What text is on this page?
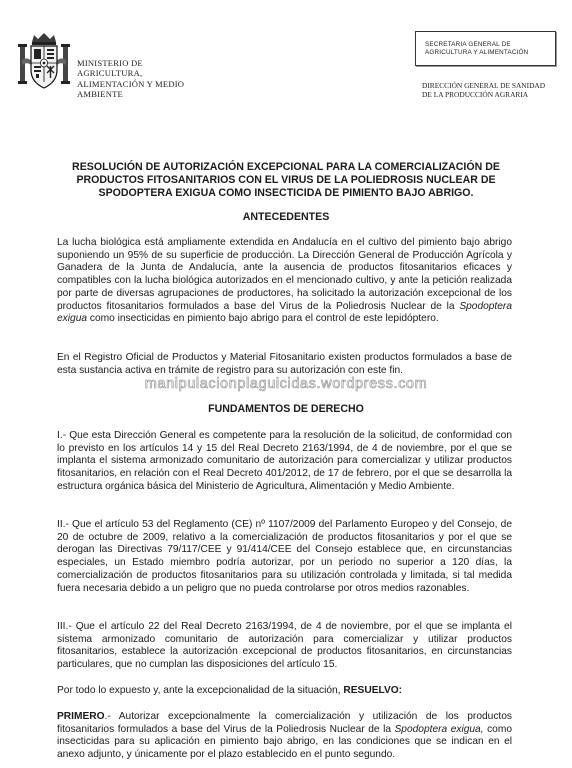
MINISTERIO DE
AGRICULTURA,
ALIMENTACIÓN Y MEDIO
AMBIENTE
SECRETARIA GENERAL DE
AGRICULTURA Y ALIMENTACIÓN
DIRECCIÓN GENERAL DE SANIDAD
DE LA PRODUCCIÓN AGRARIA
RESOLUCIÓN DE AUTORIZACIÓN EXCEPCIONAL PARA LA COMERCIALIZACIÓN DE PRODUCTOS FITOSANITARIOS CON EL VIRUS DE LA POLIEDROSIS NUCLEAR DE SPODOPTERA EXIGUA COMO INSECTICIDA DE PIMIENTO BAJO ABRIGO.
ANTECEDENTES
La lucha biológica está ampliamente extendida en Andalucía en el cultivo del pimiento bajo abrigo suponiendo un 95% de su superficie de producción. La Dirección General de Producción Agrícola y Ganadera de la Junta de Andalucía, ante la ausencia de productos fitosanitarios eficaces y compatibles con la lucha biológica autorizados en el mencionado cultivo, y ante la petición realizada por parte de diversas agrupaciones de productores, ha solicitado la autorización excepcional de los productos fitosanitarios formulados a base del Virus de la Poliedrosis Nuclear de la Spodoptera exigua como insecticidas en pimiento bajo abrigo para el control de este lepidóptero.
En el Registro Oficial de Productos y Material Fitosanitario existen productos formulados a base de esta sustancia activa en trámite de registro para su autorización con este fin.
manipulacionplaguicidas.wordpress.com
FUNDAMENTOS DE DERECHO
I.- Que esta Dirección General es competente para la resolución de la solicitud, de conformidad con lo previsto en los artículos 14 y 15 del Real Decreto 2163/1994, de 4 de noviembre, por el que se implanta el sistema armonizado comunitario de autorización para comercializar y utilizar productos fitosanitarios, en relación con el Real Decreto 401/2012, de 17 de febrero, por el que se desarrolla la estructura orgánica básica del Ministerio de Agricultura, Alimentación y Medio Ambiente.
II.- Que el artículo 53 del Reglamento (CE) nº 1107/2009 del Parlamento Europeo y del Consejo, de 20 de octubre de 2009, relativo a la comercialización de productos fitosanitarios y por el que se derogan las Directivas 79/117/CEE y 91/414/CEE del Consejo establece que, en circunstancias especiales, un Estado miembro podría autorizar, por un periodo no superior a 120 días, la comercialización de productos fitosanitarios para su utilización controlada y limitada, si tal medida fuera necesaria debido a un peligro que no pueda controlarse por otros medios razonables.
III.- Que el artículo 22 del Real Decreto 2163/1994, de 4 de noviembre, por el que se implanta el sistema armonizado comunitario de autorización para comercializar y utilizar productos fitosanitarios, establece la autorización excepcional de productos fitosanitarios, en circunstancias particulares, que no cumplan las disposiciones del artículo 15.
Por todo lo expuesto y, ante la excepcionalidad de la situación, RESUELVO:
PRIMERO.- Autorizar excepcionalmente la comercialización y utilización de los productos fitosanitarios formulados a base del Virus de la Poliedrosis Nuclear de la Spodoptera exigua, como insecticidas para su aplicación en pimiento bajo abrigo, en las condiciones que se indican en el anexo adjunto, y únicamente por el plazo establecido en el punto segundo.
